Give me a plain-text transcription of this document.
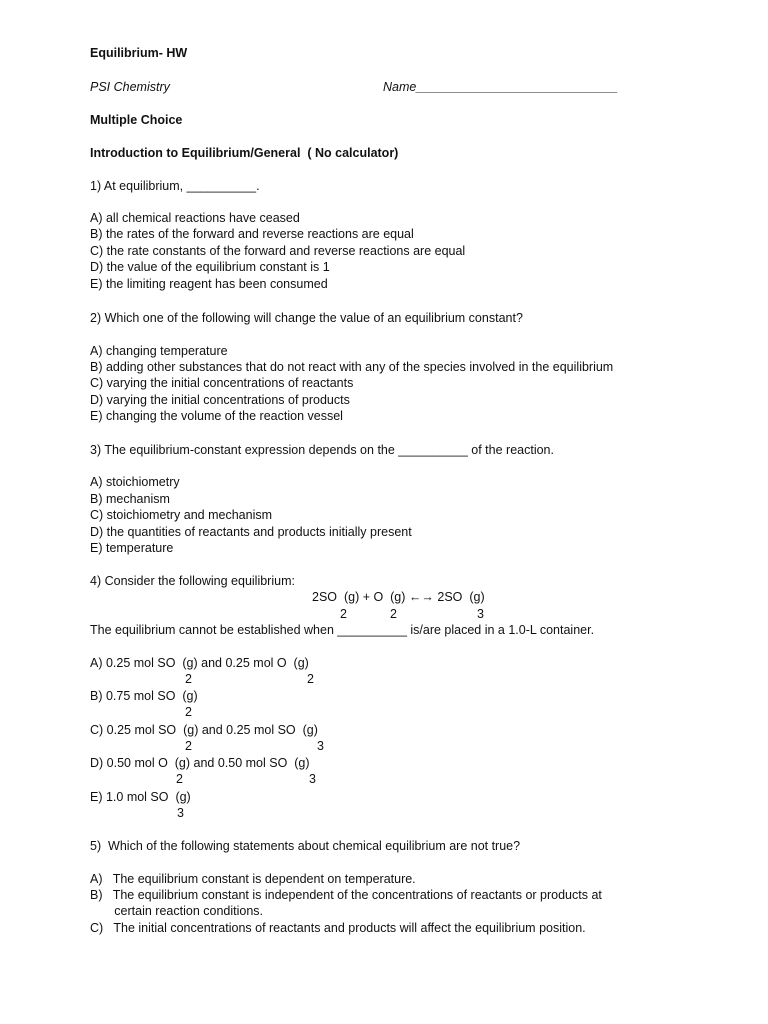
Equilibrium- HW
PSI Chemistry	Name_____________________________
Multiple Choice
Introduction to Equilibrium/General  ( No calculator)
1) At equilibrium, __________.
A) all chemical reactions have ceased
B) the rates of the forward and reverse reactions are equal
C) the rate constants of the forward and reverse reactions are equal
D) the value of the equilibrium constant is 1
E) the limiting reagent has been consumed
2) Which one of the following will change the value of an equilibrium constant?
A) changing temperature
B) adding other substances that do not react with any of the species involved in the equilibrium
C) varying the initial concentrations of reactants
D) varying the initial concentrations of products
E) changing the volume of the reaction vessel
3) The equilibrium-constant expression depends on the __________ of the reaction.
A) stoichiometry
B) mechanism
C) stoichiometry and mechanism
D) the quantities of reactants and products initially present
E) temperature
4) Consider the following equilibrium:
2SO  (g) + O  (g) ←→ 2SO  (g)
2	2	3
The equilibrium cannot be established when __________ is/are placed in a 1.0-L container.
A) 0.25 mol SO  (g) and 0.25 mol O  (g)
2	2
B) 0.75 mol SO  (g)
2
C) 0.25 mol SO  (g) and 0.25 mol SO  (g)
2	3
D) 0.50 mol O  (g) and 0.50 mol SO  (g)
2	3
E) 1.0 mol SO  (g)
3
5)  Which of the following statements about chemical equilibrium are not true?
A)   The equilibrium constant is dependent on temperature.
B)   The equilibrium constant is independent of the concentrations of reactants or products at
certain reaction conditions.
C)   The initial concentrations of reactants and products will affect the equilibrium position.
